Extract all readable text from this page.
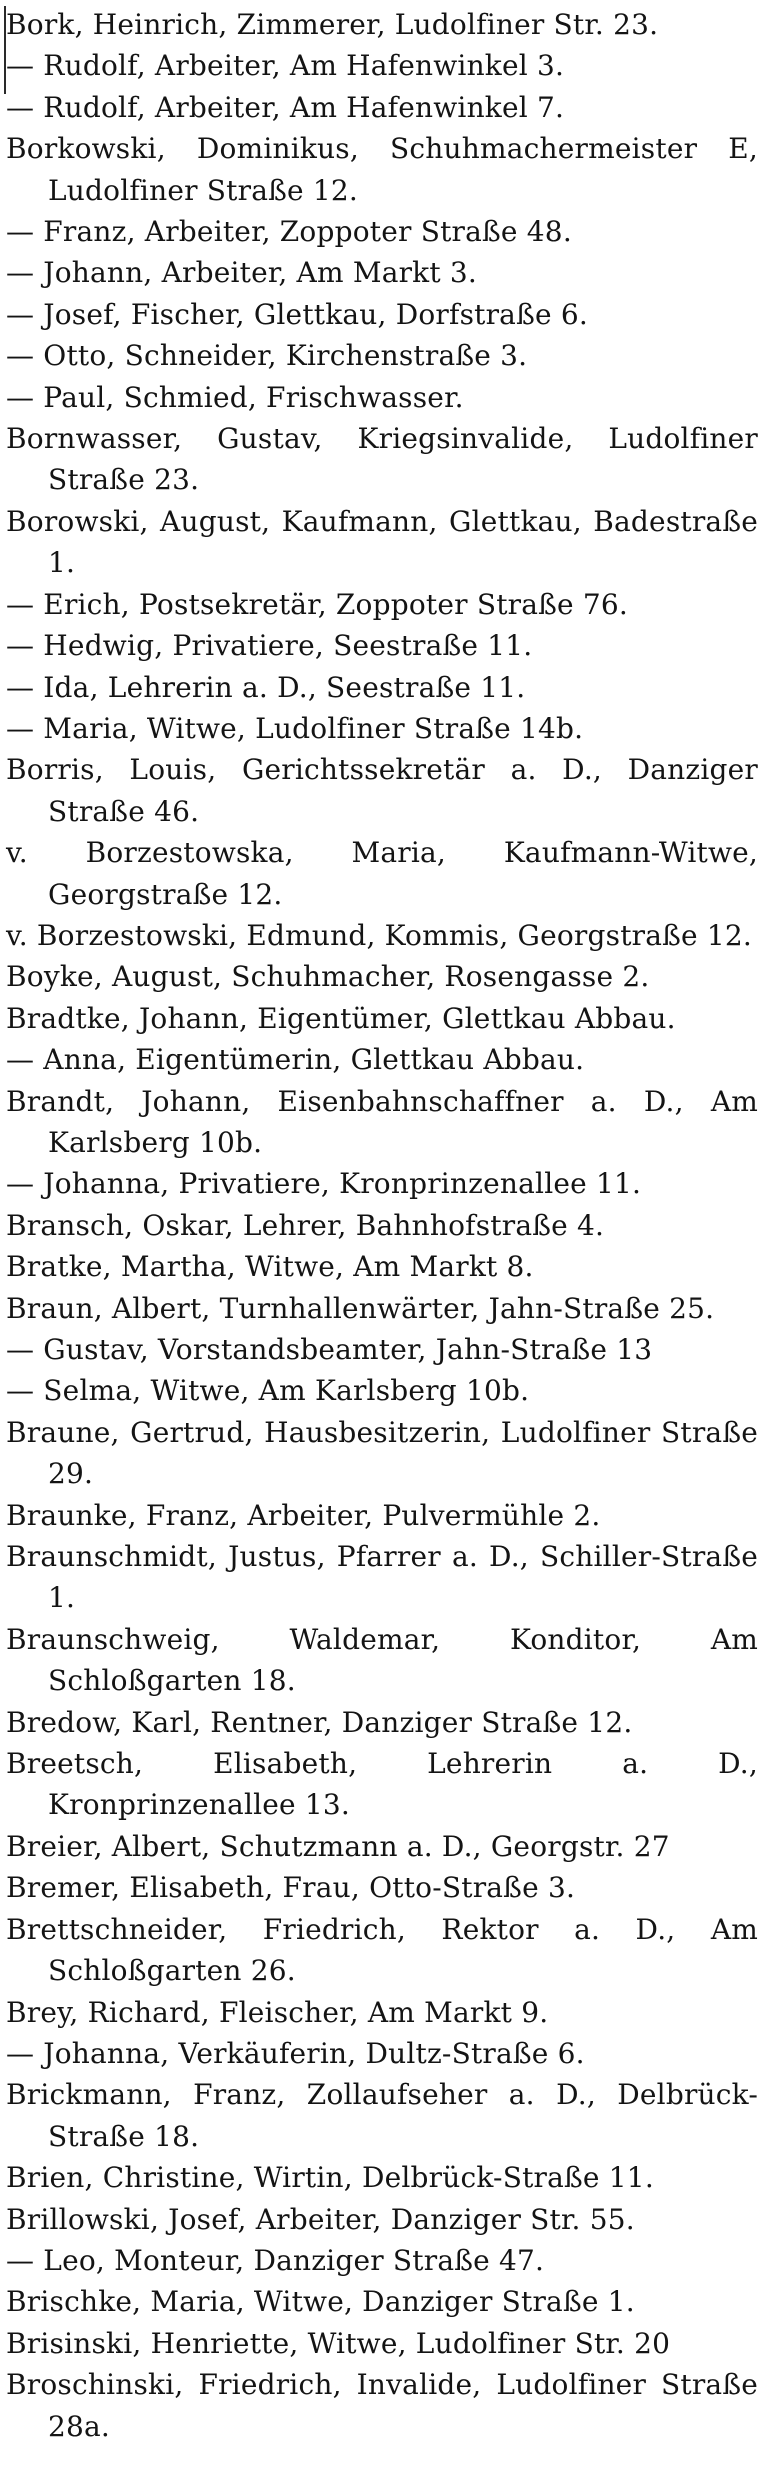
Bork, Heinrich, Zimmerer, Ludolfiner Str. 23.

— Rudolf, Arbeiter, Am Hafenwinkel 3.

— Rudolf, Arbeiter, Am Hafenwinkel 7.

Borkowski, Dominikus, Schuhmachermeister E, Ludolfiner Straße 12.

— Franz, Arbeiter, Zoppoter Straße 48.

— Johann, Arbeiter, Am Markt 3.

— Josef, Fischer, Glettkau, Dorfstraße 6.

— Otto, Schneider, Kirchenstraße 3.

— Paul, Schmied, Frischwasser.

Bornwasser, Gustav, Kriegsinvalide, Ludolfiner Straße 23.

Borowski, August, Kaufmann, Glettkau, Badestraße 1.

— Erich, Postsekretär, Zoppoter Straße 76.

— Hedwig, Privatiere, Seestraße 11.

— Ida, Lehrerin a. D., Seestraße 11.

— Maria, Witwe, Ludolfiner Straße 14b.

Borris, Louis, Gerichtssekretär a. D., Danziger Straße 46.

v. Borzestowska, Maria, Kaufmann-Witwe, Georgstraße 12.

v. Borzestowski, Edmund, Kommis, Georgstraße 12.

Boyke, August, Schuhmacher, Rosengasse 2.

Bradtke, Johann, Eigentümer, Glettkau Abbau.

— Anna, Eigentümerin, Glettkau Abbau.

Brandt, Johann, Eisenbahnschaffner a. D., Am Karlsberg 10b.

— Johanna, Privatiere, Kronprinzenallee 11.

Bransch, Oskar, Lehrer, Bahnhofstraße 4.

Bratke, Martha, Witwe, Am Markt 8.

Braun, Albert, Turnhallenwärter, Jahn-Straße 25.

— Gustav, Vorstandsbeamter, Jahn-Straße 13

— Selma, Witwe, Am Karlsberg 10b.

Braune, Gertrud, Hausbesitzerin, Ludolfiner Straße 29.

Braunke, Franz, Arbeiter, Pulvermühle 2.

Braunschmidt, Justus, Pfarrer a. D., Schiller-Straße 1.

Braunschweig, Waldemar, Konditor, Am Schloßgarten 18.

Bredow, Karl, Rentner, Danziger Straße 12.

Breetsch, Elisabeth, Lehrerin a. D., Kronprinzenallee 13.

Breier, Albert, Schutzmann a. D., Georgstr. 27

Bremer, Elisabeth, Frau, Otto-Straße 3.

Brettschneider, Friedrich, Rektor a. D., Am Schloßgarten 26.

Brey, Richard, Fleischer, Am Markt 9.

— Johanna, Verkäuferin, Dultz-Straße 6.

Brickmann, Franz, Zollaufseher a. D., Delbrück-Straße 18.

Brien, Christine, Wirtin, Delbrück-Straße 11.

Brillowski, Josef, Arbeiter, Danziger Str. 55.

— Leo, Monteur, Danziger Straße 47.

Brischke, Maria, Witwe, Danziger Straße 1.

Brisinski, Henriette, Witwe, Ludolfiner Str. 20

Broschinski, Friedrich, Invalide, Ludolfiner Straße 28a.
